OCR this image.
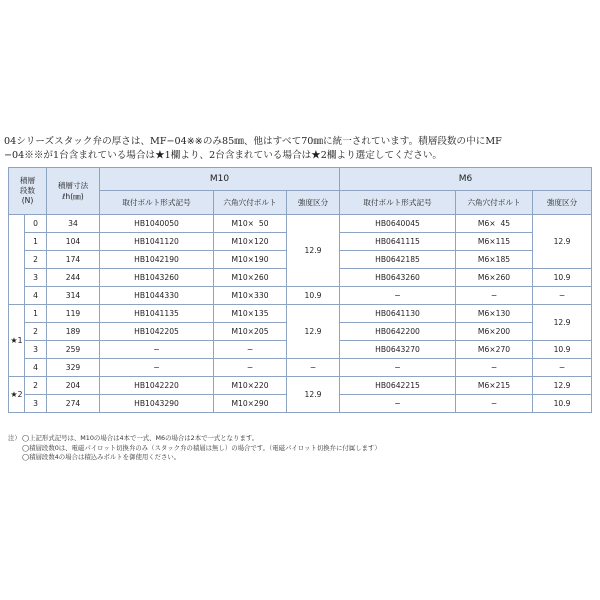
04シリーズスタック弁の厚さは、MF−04※※のみ85㎜、他はすべて70㎜に統一されています。積層段数の中にMF
−04※※が1台含まれている場合は★1欄より、2台含まれている場合は★2欄より選定してください。
積層
段数
(N)		積層寸法
ℓh(㎜)	M10			M6		
			取付ボルト形式記号	六角穴付ボルト	強度区分	取付ボルト形式記号	六角穴付ボルト	強度区分
	0	34	HB1040050	M10×  50	12.9	HB0640045	M6×  45	12.9
	1	104	HB1041120	M10×120		HB0641115	M6×115	
	2	174	HB1042190	M10×190		HB0642185	M6×185	
	3	244	HB1043260	M10×260		HB0643260	M6×260	10.9
	4	314	HB1044330	M10×330	10.9	−	−	−
★1	1	119	HB1041135	M10×135	12.9	HB0641130	M6×130	12.9
	2	189	HB1042205	M10×205		HB0642200	M6×200	
	3	259	−	−		HB0643270	M6×270	10.9
	4	329	−	−	−	−	−	−
★2	2	204	HB1042220	M10×220	12.9	HB0642215	M6×215	12.9
	3	274	HB1043290	M10×290		−	−	10.9
注） ◯上記形式記号は、M10の場合は4本で一式、M6の場合は2本で一式となります。
◯積層段数0は、電磁パイロット切換弁のみ（スタック弁の積層は無し）の場合です。（電磁パイロット切換弁に付属します）
◯積層段数4の場合は積込みボルトを御使用ください。
